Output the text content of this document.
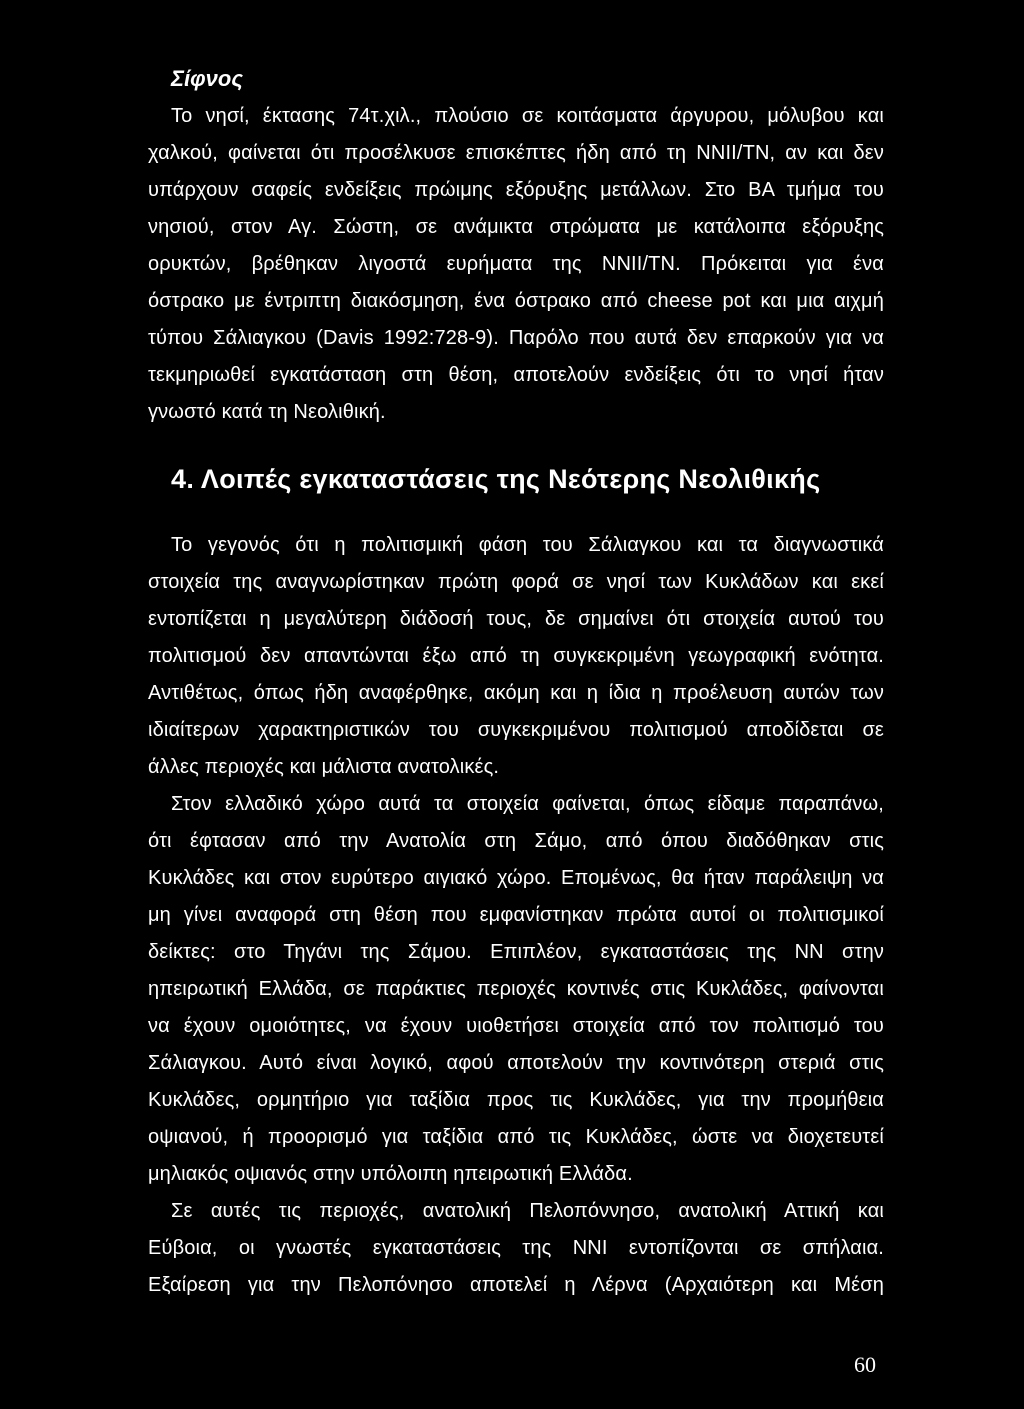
Σίφνος
Το νησί, έκτασης 74τ.χιλ., πλούσιο σε κοιτάσματα άργυρου, μόλυβου και
χαλκού, φαίνεται ότι προσέλκυσε επισκέπτες ήδη από τη ΝΝΙΙ/ΤΝ, αν και δεν
υπάρχουν σαφείς ενδείξεις πρώιμης εξόρυξης μετάλλων. Στο ΒΑ τμήμα του
νησιού, στον Αγ. Σώστη, σε ανάμικτα στρώματα με κατάλοιπα εξόρυξης
ορυκτών, βρέθηκαν λιγοστά ευρήματα της ΝΝΙΙ/ΤΝ. Πρόκειται για ένα
όστρακο με έντριπτη διακόσμηση, ένα όστρακο από cheese pot και μια αιχμή
τύπου Σάλιαγκου (Davis 1992:728-9). Παρόλο που αυτά δεν επαρκούν για να
τεκμηριωθεί εγκατάσταση στη θέση, αποτελούν ενδείξεις ότι το νησί ήταν
γνωστό κατά τη Νεολιθική.
4. Λοιπές εγκαταστάσεις της Νεότερης Νεολιθικής
Το γεγονός ότι η πολιτισμική φάση του Σάλιαγκου και τα διαγνωστικά
στοιχεία της αναγνωρίστηκαν πρώτη φορά σε νησί των Κυκλάδων και εκεί
εντοπίζεται η μεγαλύτερη διάδοσή τους, δε σημαίνει ότι στοιχεία αυτού του
πολιτισμού δεν απαντώνται έξω από τη συγκεκριμένη γεωγραφική ενότητα.
Αντιθέτως, όπως ήδη αναφέρθηκε, ακόμη και η ίδια η προέλευση αυτών των
ιδιαίτερων χαρακτηριστικών του συγκεκριμένου πολιτισμού αποδίδεται σε
άλλες περιοχές και μάλιστα ανατολικές.
Στον ελλαδικό χώρο αυτά τα στοιχεία φαίνεται, όπως είδαμε παραπάνω,
ότι έφτασαν από την Ανατολία στη Σάμο, από όπου διαδόθηκαν στις
Κυκλάδες και στον ευρύτερο αιγιακό χώρο. Επομένως, θα ήταν παράλειψη να
μη γίνει αναφορά στη θέση που εμφανίστηκαν πρώτα αυτοί οι πολιτισμικοί
δείκτες: στο Τηγάνι της Σάμου. Επιπλέον, εγκαταστάσεις της ΝΝ στην
ηπειρωτική Ελλάδα, σε παράκτιες περιοχές κοντινές στις Κυκλάδες, φαίνονται
να έχουν ομοιότητες, να έχουν υιοθετήσει στοιχεία από τον πολιτισμό του
Σάλιαγκου. Αυτό είναι λογικό, αφού αποτελούν την κοντινότερη στεριά στις
Κυκλάδες, ορμητήριο για ταξίδια προς τις Κυκλάδες, για την προμήθεια
οψιανού, ή προορισμό για ταξίδια από τις Κυκλάδες, ώστε να διοχετευτεί
μηλιακός οψιανός στην υπόλοιπη ηπειρωτική Ελλάδα.
Σε αυτές τις περιοχές, ανατολική Πελοπόννησο, ανατολική Αττική και
Εύβοια, οι γνωστές εγκαταστάσεις της ΝΝΙ εντοπίζονται σε σπήλαια.
Εξαίρεση για την Πελοπόνησο αποτελεί η Λέρνα (Αρχαιότερη και Μέση
60
